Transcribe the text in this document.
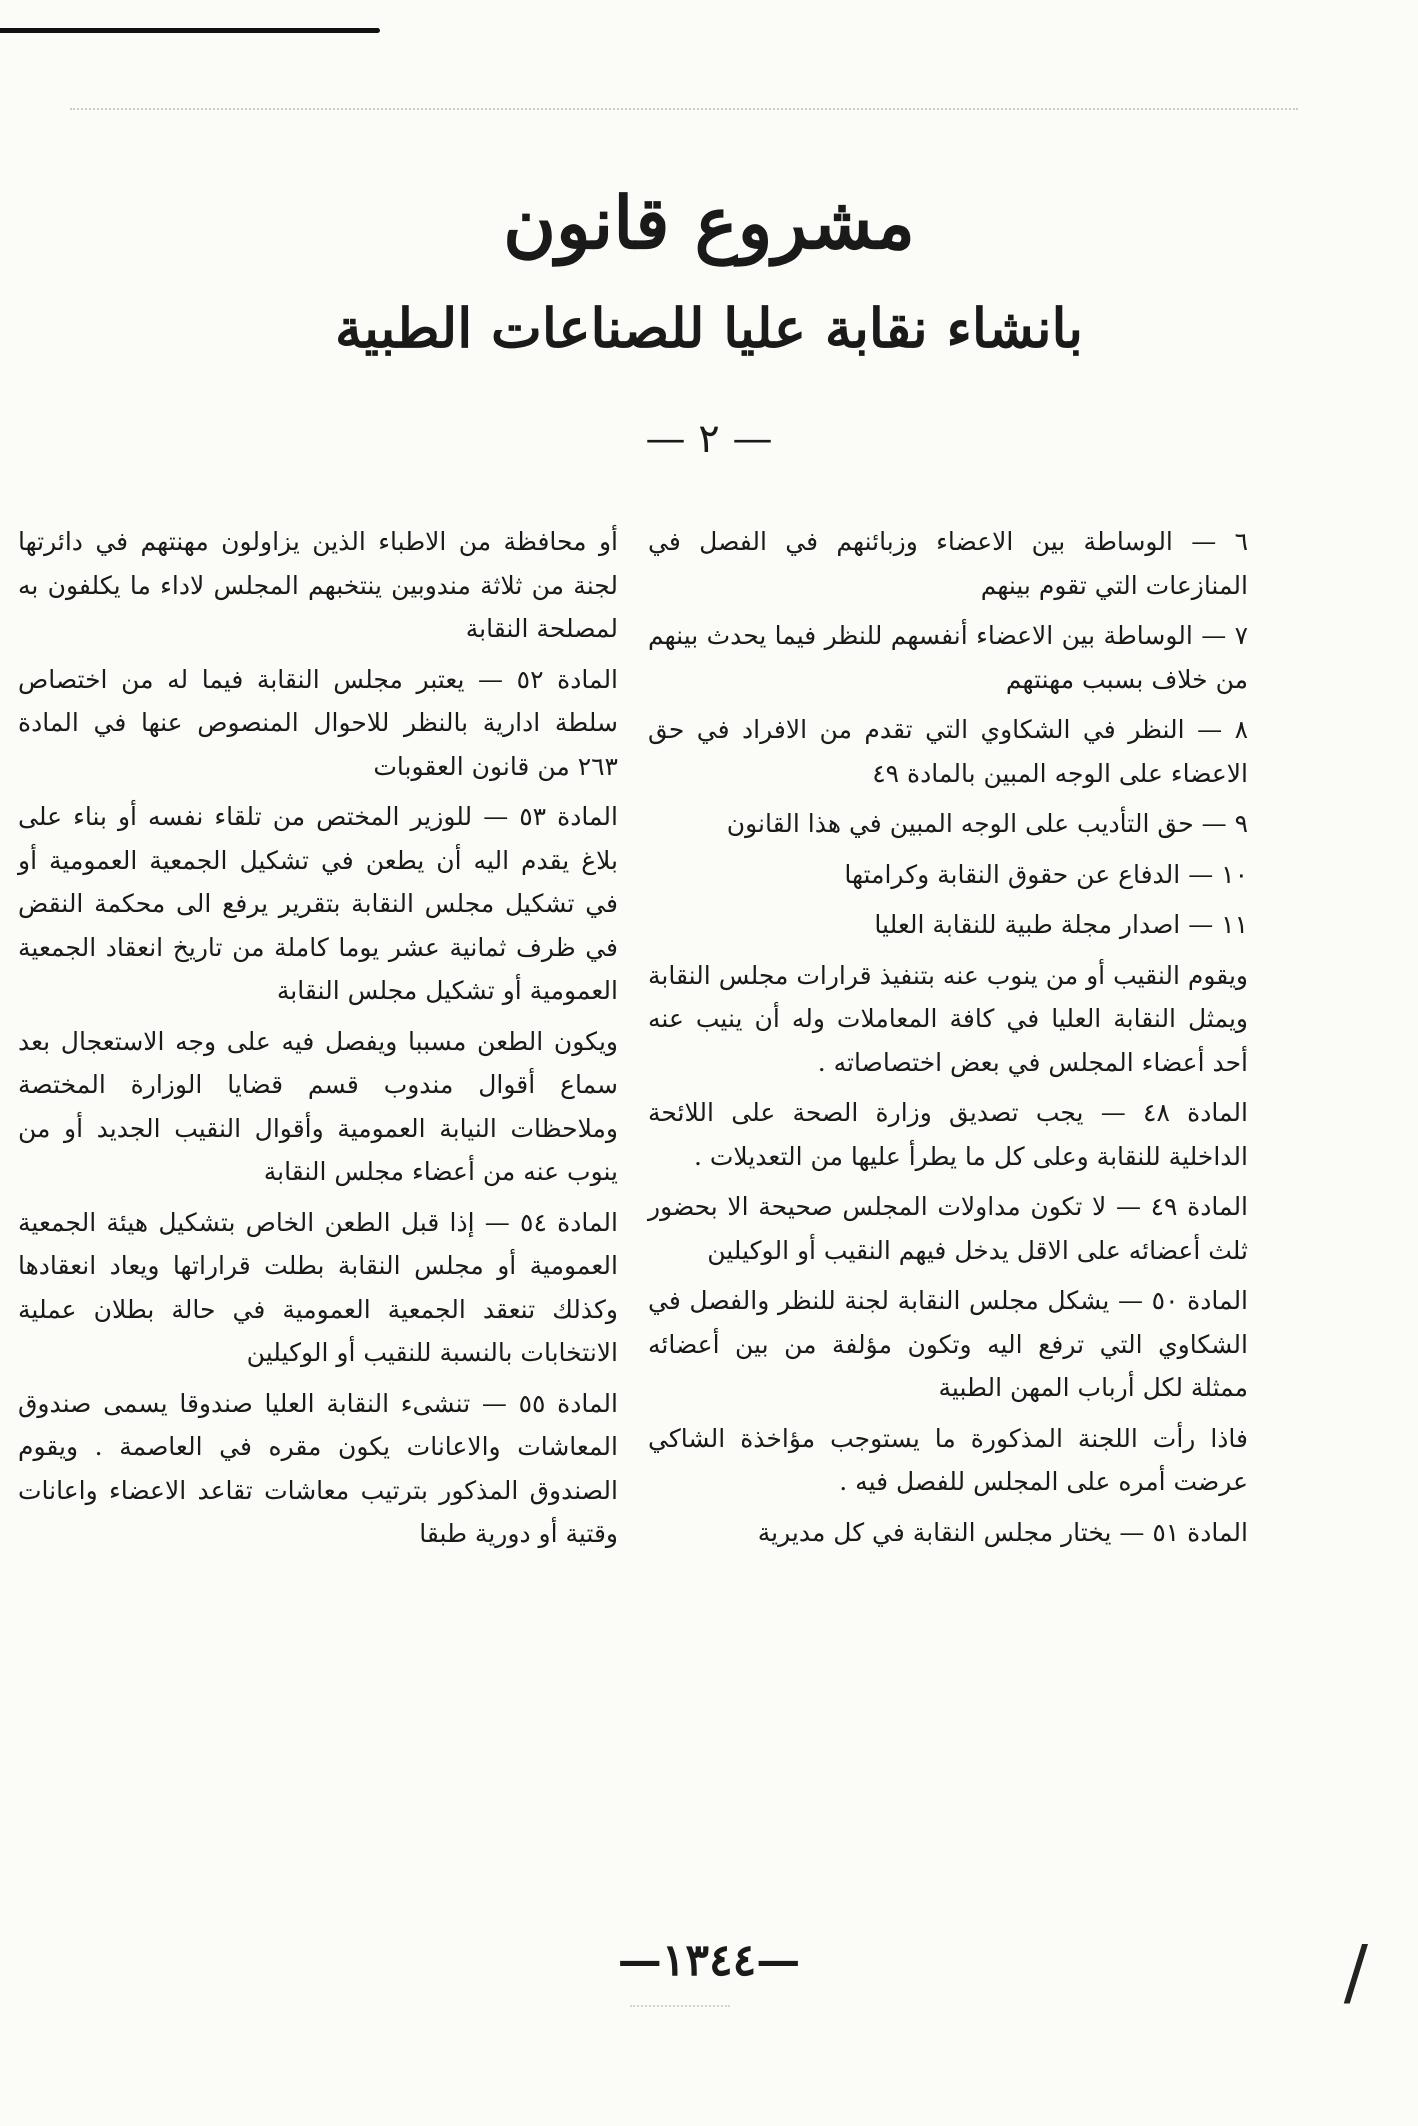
مشروع قانون
بانشاء نقابة عليا للصناعات الطبية
— ٢ —

٦ — الوساطة بين الاعضاء وزبائنهم في الفصل في المنازعات التي تقوم بينهم

٧ — الوساطة بين الاعضاء أنفسهم للنظر فيما يحدث بينهم من خلاف بسبب مهنتهم

٨ — النظر في الشكاوي التي تقدم من الافراد في حق الاعضاء على الوجه المبين بالمادة ٤٩

٩ — حق التأديب على الوجه المبين في هذا القانون

١٠ — الدفاع عن حقوق النقابة وكرامتها

١١ — اصدار مجلة طبية للنقابة العليا

ويقوم النقيب أو من ينوب عنه بتنفيذ قرارات مجلس النقابة ويمثل النقابة العليا في كافة المعاملات وله أن ينيب عنه أحد أعضاء المجلس في بعض اختصاصاته .

المادة ٤٨ — يجب تصديق وزارة الصحة على اللائحة الداخلية للنقابة وعلى كل ما يطرأ عليها من التعديلات .

المادة ٤٩ — لا تكون مداولات المجلس صحيحة الا بحضور ثلث أعضائه على الاقل يدخل فيهم النقيب أو الوكيلين

المادة ٥٠ — يشكل مجلس النقابة لجنة للنظر والفصل في الشكاوي التي ترفع اليه وتكون مؤلفة من بين أعضائه ممثلة لكل أرباب المهن الطبية

فاذا رأت اللجنة المذكورة ما يستوجب مؤاخذة الشاكي عرضت أمره على المجلس للفصل فيه .

المادة ٥١ — يختار مجلس النقابة في كل مديرية

أو محافظة من الاطباء الذين يزاولون مهنتهم في دائرتها لجنة من ثلاثة مندوبين ينتخبهم المجلس لاداء ما يكلفون به لمصلحة النقابة

المادة ٥٢ — يعتبر مجلس النقابة فيما له من اختصاص سلطة ادارية بالنظر للاحوال المنصوص عنها في المادة ٢٦٣ من قانون العقوبات

المادة ٥٣ — للوزير المختص من تلقاء نفسه أو بناء على بلاغ يقدم اليه أن يطعن في تشكيل الجمعية العمومية أو في تشكيل مجلس النقابة بتقرير يرفع الى محكمة النقض في ظرف ثمانية عشر يوما كاملة من تاريخ انعقاد الجمعية العمومية أو تشكيل مجلس النقابة

ويكون الطعن مسببا ويفصل فيه على وجه الاستعجال بعد سماع أقوال مندوب قسم قضايا الوزارة المختصة وملاحظات النيابة العمومية وأقوال النقيب الجديد أو من ينوب عنه من أعضاء مجلس النقابة

المادة ٥٤ — إذا قبل الطعن الخاص بتشكيل هيئة الجمعية العمومية أو مجلس النقابة بطلت قراراتها ويعاد انعقادها وكذلك تنعقد الجمعية العمومية في حالة بطلان عملية الانتخابات بالنسبة للنقيب أو الوكيلين

المادة ٥٥ — تنشىء النقابة العليا صندوقا يسمى صندوق المعاشات والاعانات يكون مقره في العاصمة . ويقوم الصندوق المذكور بترتيب معاشات تقاعد الاعضاء واعانات وقتية أو دورية طبقا

—١٣٤٤—	/
